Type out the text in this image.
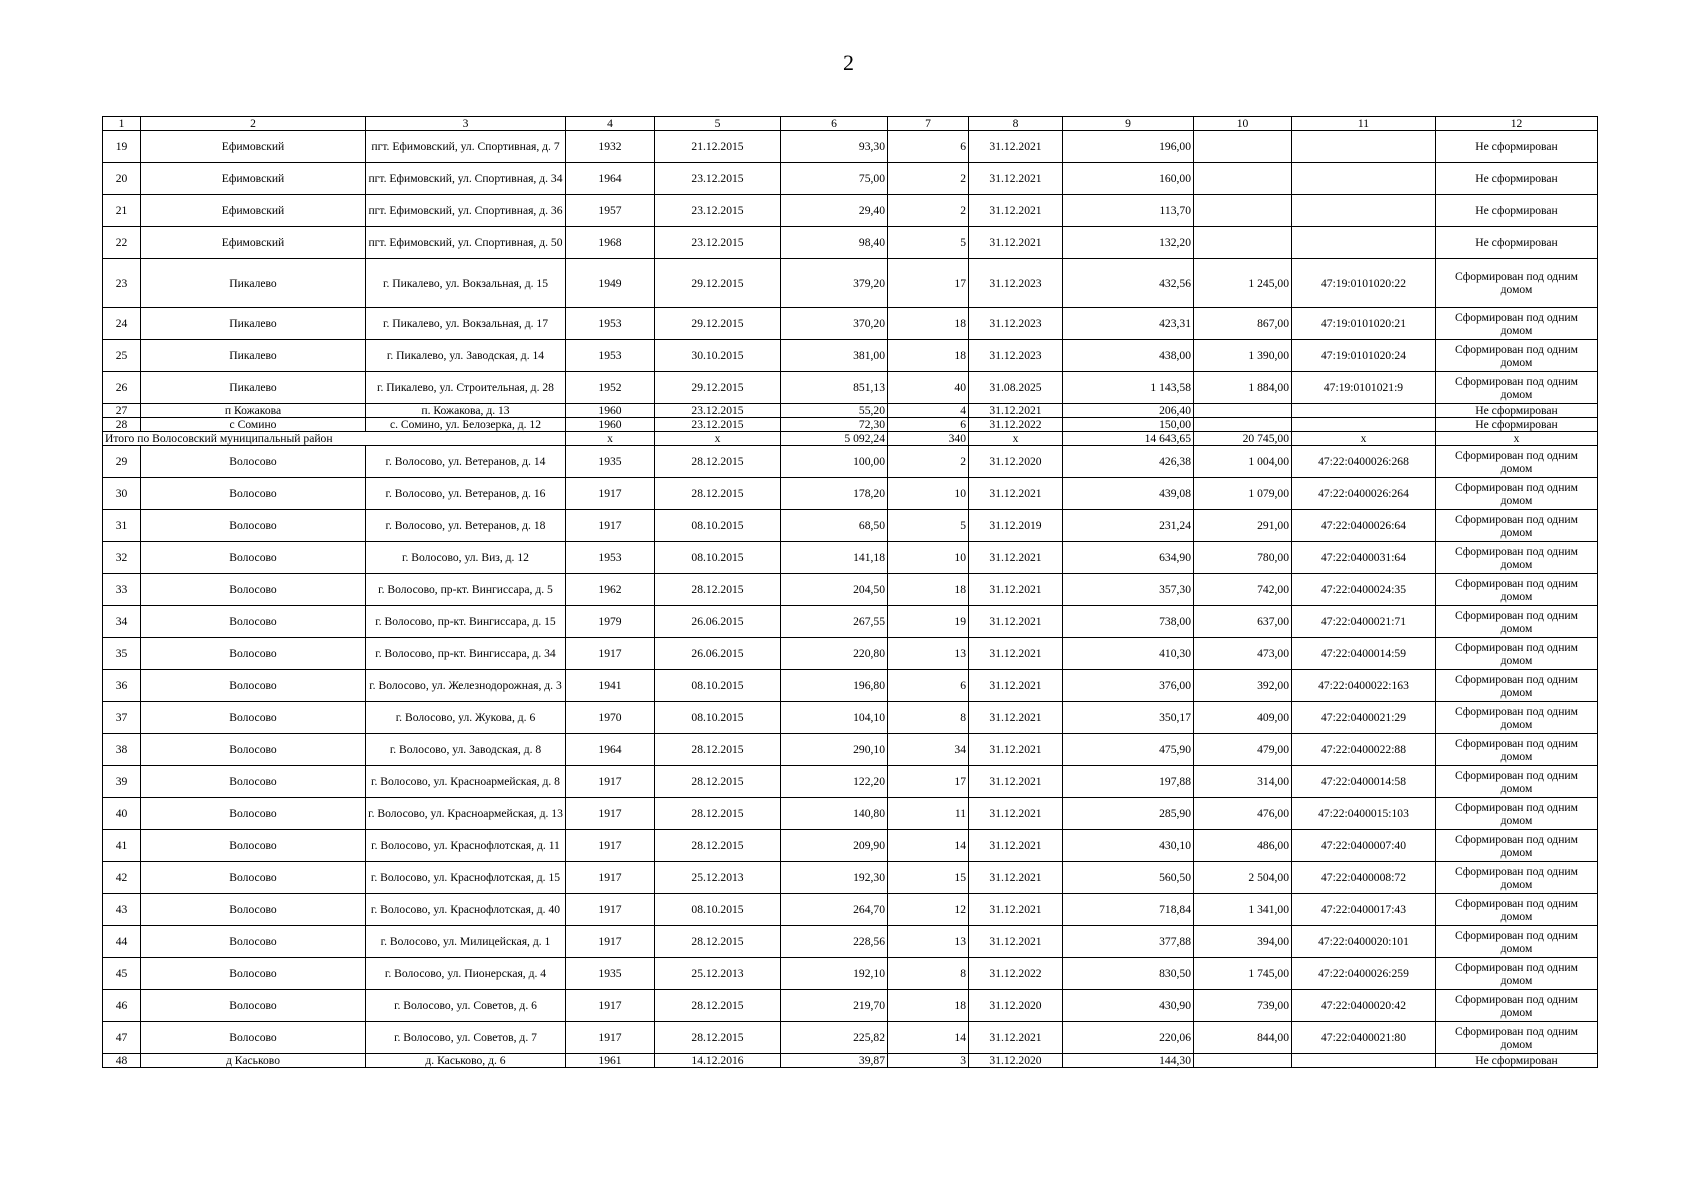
2
1	2	3	4	5	6	7	8	9	10	11	12
19	Ефимовский	пгт. Ефимовский, ул. Спортивная, д. 7	1932	21.12.2015	93,30	6	31.12.2021	196,00			Не сформирован
20	Ефимовский	пгт. Ефимовский, ул. Спортивная, д. 34	1964	23.12.2015	75,00	2	31.12.2021	160,00			Не сформирован
21	Ефимовский	пгт. Ефимовский, ул. Спортивная, д. 36	1957	23.12.2015	29,40	2	31.12.2021	113,70			Не сформирован
22	Ефимовский	пгт. Ефимовский, ул. Спортивная, д. 50	1968	23.12.2015	98,40	5	31.12.2021	132,20			Не сформирован
23	Пикалево	г. Пикалево, ул. Вокзальная, д. 15	1949	29.12.2015	379,20	17	31.12.2023	432,56	1 245,00	47:19:0101020:22	Сформирован под одним домом
24	Пикалево	г. Пикалево, ул. Вокзальная, д. 17	1953	29.12.2015	370,20	18	31.12.2023	423,31	867,00	47:19:0101020:21	Сформирован под одним домом
25	Пикалево	г. Пикалево, ул. Заводская, д. 14	1953	30.10.2015	381,00	18	31.12.2023	438,00	1 390,00	47:19:0101020:24	Сформирован под одним домом
26	Пикалево	г. Пикалево, ул. Строительная, д. 28	1952	29.12.2015	851,13	40	31.08.2025	1 143,58	1 884,00	47:19:0101021:9	Сформирован под одним домом
27	п Кожакова	п. Кожакова, д. 13	1960	23.12.2015	55,20	4	31.12.2021	206,40			Не сформирован
28	с Сомино	с. Сомино, ул. Белозерка, д. 12	1960	23.12.2015	72,30	6	31.12.2022	150,00			Не сформирован
Итого по Волосовский муниципальный район			x	x	5 092,24	340	x	14 643,65	20 745,00	x	x
29	Волосово	г. Волосово, ул. Ветеранов, д. 14	1935	28.12.2015	100,00	2	31.12.2020	426,38	1 004,00	47:22:0400026:268	Сформирован под одним домом
30	Волосово	г. Волосово, ул. Ветеранов, д. 16	1917	28.12.2015	178,20	10	31.12.2021	439,08	1 079,00	47:22:0400026:264	Сформирован под одним домом
31	Волосово	г. Волосово, ул. Ветеранов, д. 18	1917	08.10.2015	68,50	5	31.12.2019	231,24	291,00	47:22:0400026:64	Сформирован под одним домом
32	Волосово	г. Волосово, ул. Виз, д. 12	1953	08.10.2015	141,18	10	31.12.2021	634,90	780,00	47:22:0400031:64	Сформирован под одним домом
33	Волосово	г. Волосово, пр-кт. Вингиссара, д. 5	1962	28.12.2015	204,50	18	31.12.2021	357,30	742,00	47:22:0400024:35	Сформирован под одним домом
34	Волосово	г. Волосово, пр-кт. Вингиссара, д. 15	1979	26.06.2015	267,55	19	31.12.2021	738,00	637,00	47:22:0400021:71	Сформирован под одним домом
35	Волосово	г. Волосово, пр-кт. Вингиссара, д. 34	1917	26.06.2015	220,80	13	31.12.2021	410,30	473,00	47:22:0400014:59	Сформирован под одним домом
36	Волосово	г. Волосово, ул. Железнодорожная, д. 3	1941	08.10.2015	196,80	6	31.12.2021	376,00	392,00	47:22:0400022:163	Сформирован под одним домом
37	Волосово	г. Волосово, ул. Жукова, д. 6	1970	08.10.2015	104,10	8	31.12.2021	350,17	409,00	47:22:0400021:29	Сформирован под одним домом
38	Волосово	г. Волосово, ул. Заводская, д. 8	1964	28.12.2015	290,10	34	31.12.2021	475,90	479,00	47:22:0400022:88	Сформирован под одним домом
39	Волосово	г. Волосово, ул. Красноармейская, д. 8	1917	28.12.2015	122,20	17	31.12.2021	197,88	314,00	47:22:0400014:58	Сформирован под одним домом
40	Волосово	г. Волосово, ул. Красноармейская, д. 13	1917	28.12.2015	140,80	11	31.12.2021	285,90	476,00	47:22:0400015:103	Сформирован под одним домом
41	Волосово	г. Волосово, ул. Краснофлотская, д. 11	1917	28.12.2015	209,90	14	31.12.2021	430,10	486,00	47:22:0400007:40	Сформирован под одним домом
42	Волосово	г. Волосово, ул. Краснофлотская, д. 15	1917	25.12.2013	192,30	15	31.12.2021	560,50	2 504,00	47:22:0400008:72	Сформирован под одним домом
43	Волосово	г. Волосово, ул. Краснофлотская, д. 40	1917	08.10.2015	264,70	12	31.12.2021	718,84	1 341,00	47:22:0400017:43	Сформирован под одним домом
44	Волосово	г. Волосово, ул. Милицейская, д. 1	1917	28.12.2015	228,56	13	31.12.2021	377,88	394,00	47:22:0400020:101	Сформирован под одним домом
45	Волосово	г. Волосово, ул. Пионерская, д. 4	1935	25.12.2013	192,10	8	31.12.2022	830,50	1 745,00	47:22:0400026:259	Сформирован под одним домом
46	Волосово	г. Волосово, ул. Советов, д. 6	1917	28.12.2015	219,70	18	31.12.2020	430,90	739,00	47:22:0400020:42	Сформирован под одним домом
47	Волосово	г. Волосово, ул. Советов, д. 7	1917	28.12.2015	225,82	14	31.12.2021	220,06	844,00	47:22:0400021:80	Сформирован под одним домом
48	д Каськово	д. Каськово, д. 6	1961	14.12.2016	39,87	3	31.12.2020	144,30			Не сформирован
